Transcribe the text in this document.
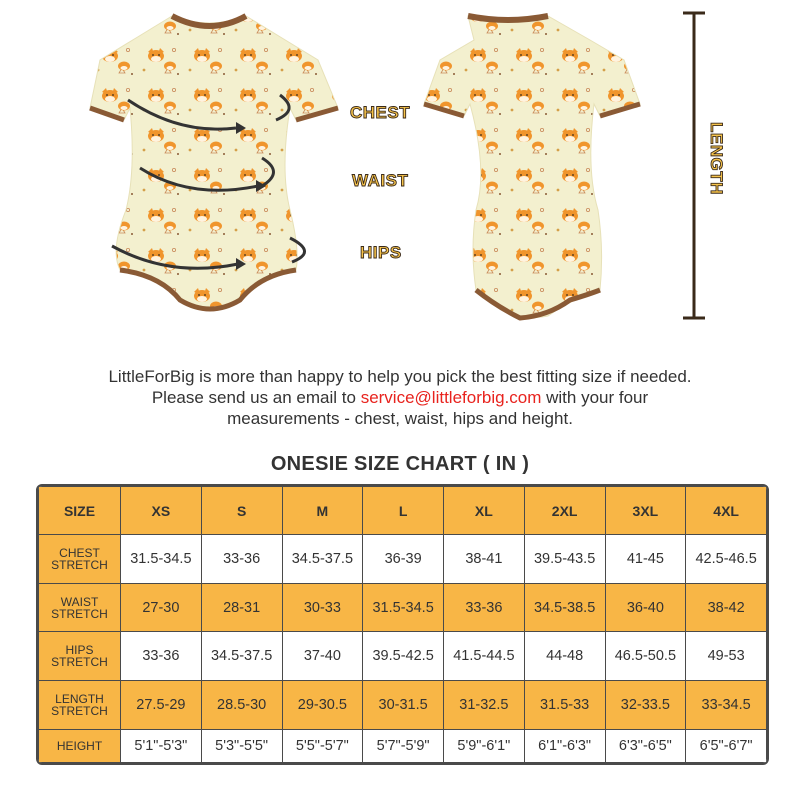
CHEST
WAIST
HIPS
LENGTH
LittleForBig is more than happy to help you pick the best fitting size if needed.
Please send us an email to service@littleforbig.com with your four
measurements - chest, waist, hips and height.
ONESIE SIZE CHART ( IN )
SIZE	XS	S	M	L	XL	2XL	3XL	4XL
CHEST
STRETCH	31.5-34.5	33-36	34.5-37.5	36-39	38-41	39.5-43.5	41-45	42.5-46.5
WAIST
STRETCH	27-30	28-31	30-33	31.5-34.5	33-36	34.5-38.5	36-40	38-42
HIPS
STRETCH	33-36	34.5-37.5	37-40	39.5-42.5	41.5-44.5	44-48	46.5-50.5	49-53
LENGTH
STRETCH	27.5-29	28.5-30	29-30.5	30-31.5	31-32.5	31.5-33	32-33.5	33-34.5
HEIGHT	5'1"-5'3"	5'3"-5'5"	5'5"-5'7"	5'7"-5'9"	5'9"-6'1"	6'1"-6'3"	6'3"-6'5"	6'5"-6'7"
